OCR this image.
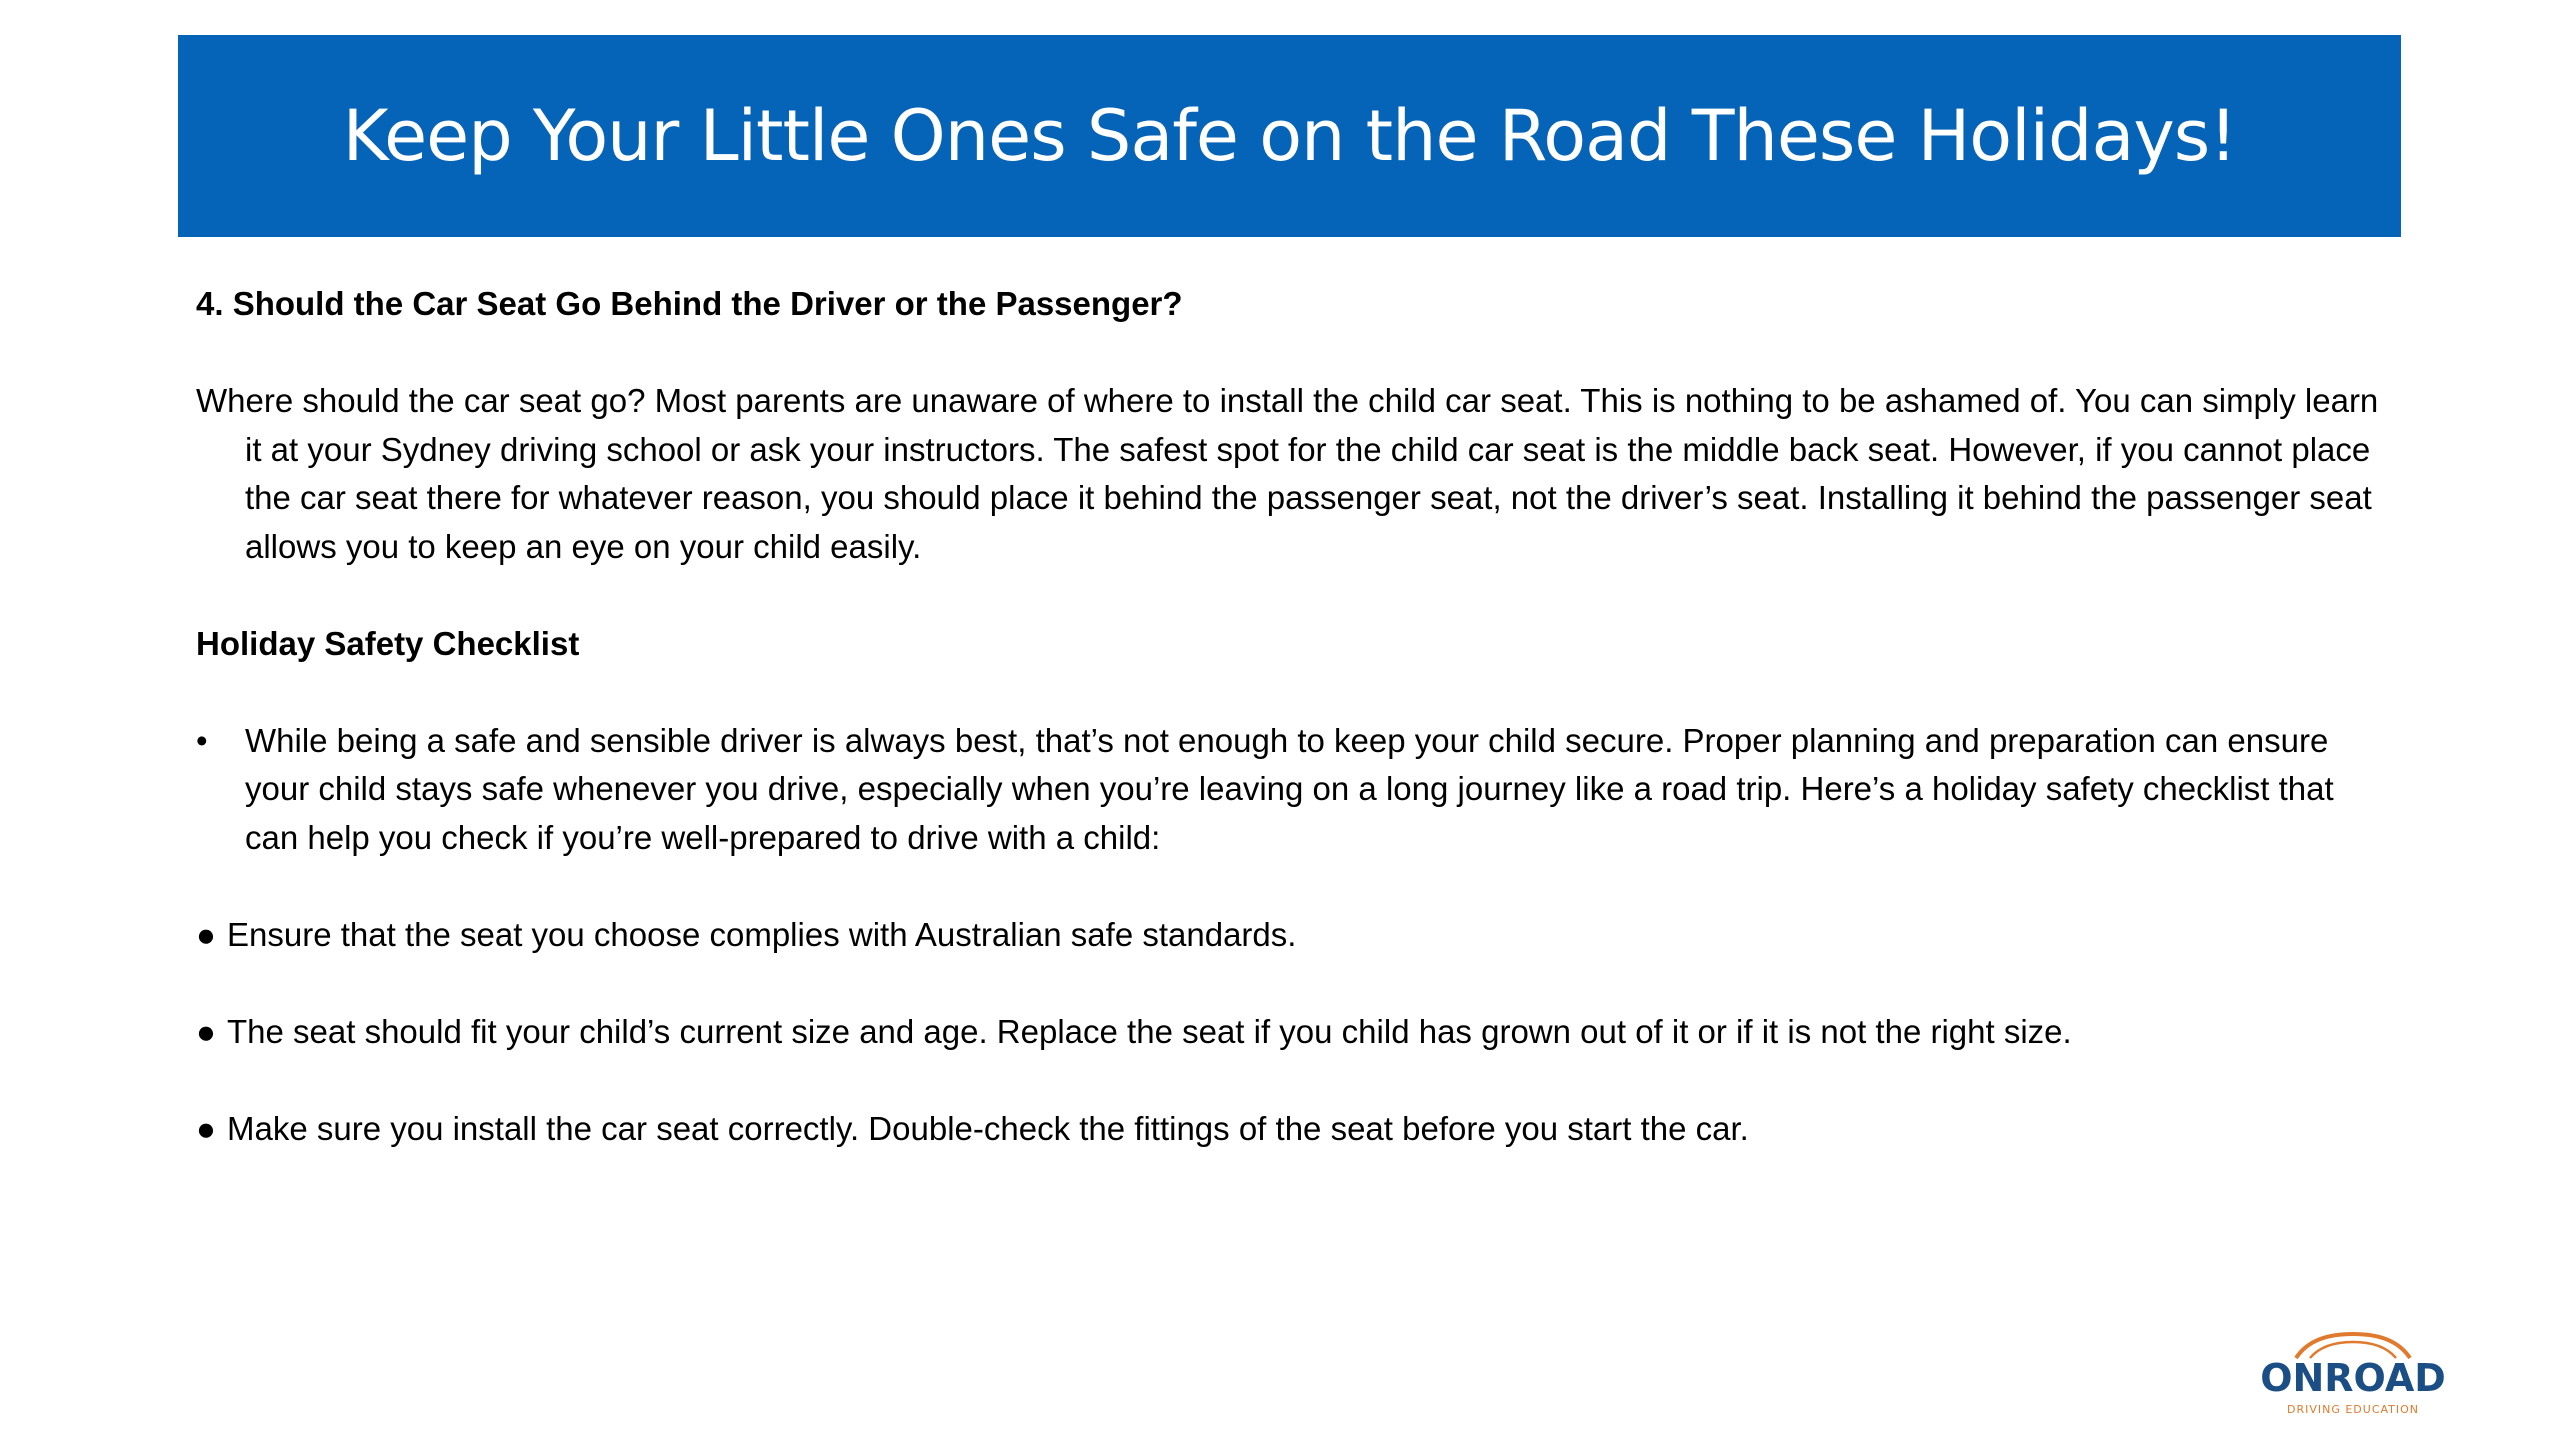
Keep Your Little Ones Safe on the Road These Holidays!

4. Should the Car Seat Go Behind the Driver or the Passenger?

Where should the car seat go? Most parents are unaware of where to install the child car seat. This is nothing to be ashamed of. You can simply learn it at your Sydney driving school or ask your instructors. The safest spot for the child car seat is the middle back seat. However, if you cannot place the car seat there for whatever reason, you should place it behind the passenger seat, not the driver’s seat. Installing it behind the passenger seat allows you to keep an eye on your child easily.

Holiday Safety Checklist

•	While being a safe and sensible driver is always best, that’s not enough to keep your child secure. Proper planning and preparation can ensure your child stays safe whenever you drive, especially when you’re leaving on a long journey like a road trip. Here’s a holiday safety checklist that can help you check if you’re well-prepared to drive with a child:
● Ensure that the seat you choose complies with Australian safe standards.
● The seat should fit your child’s current size and age. Replace the seat if you child has grown out of it or if it is not the right size.
● Make sure you install the car seat correctly. Double-check the fittings of the seat before you start the car.
ONROAD
DRIVING EDUCATION
